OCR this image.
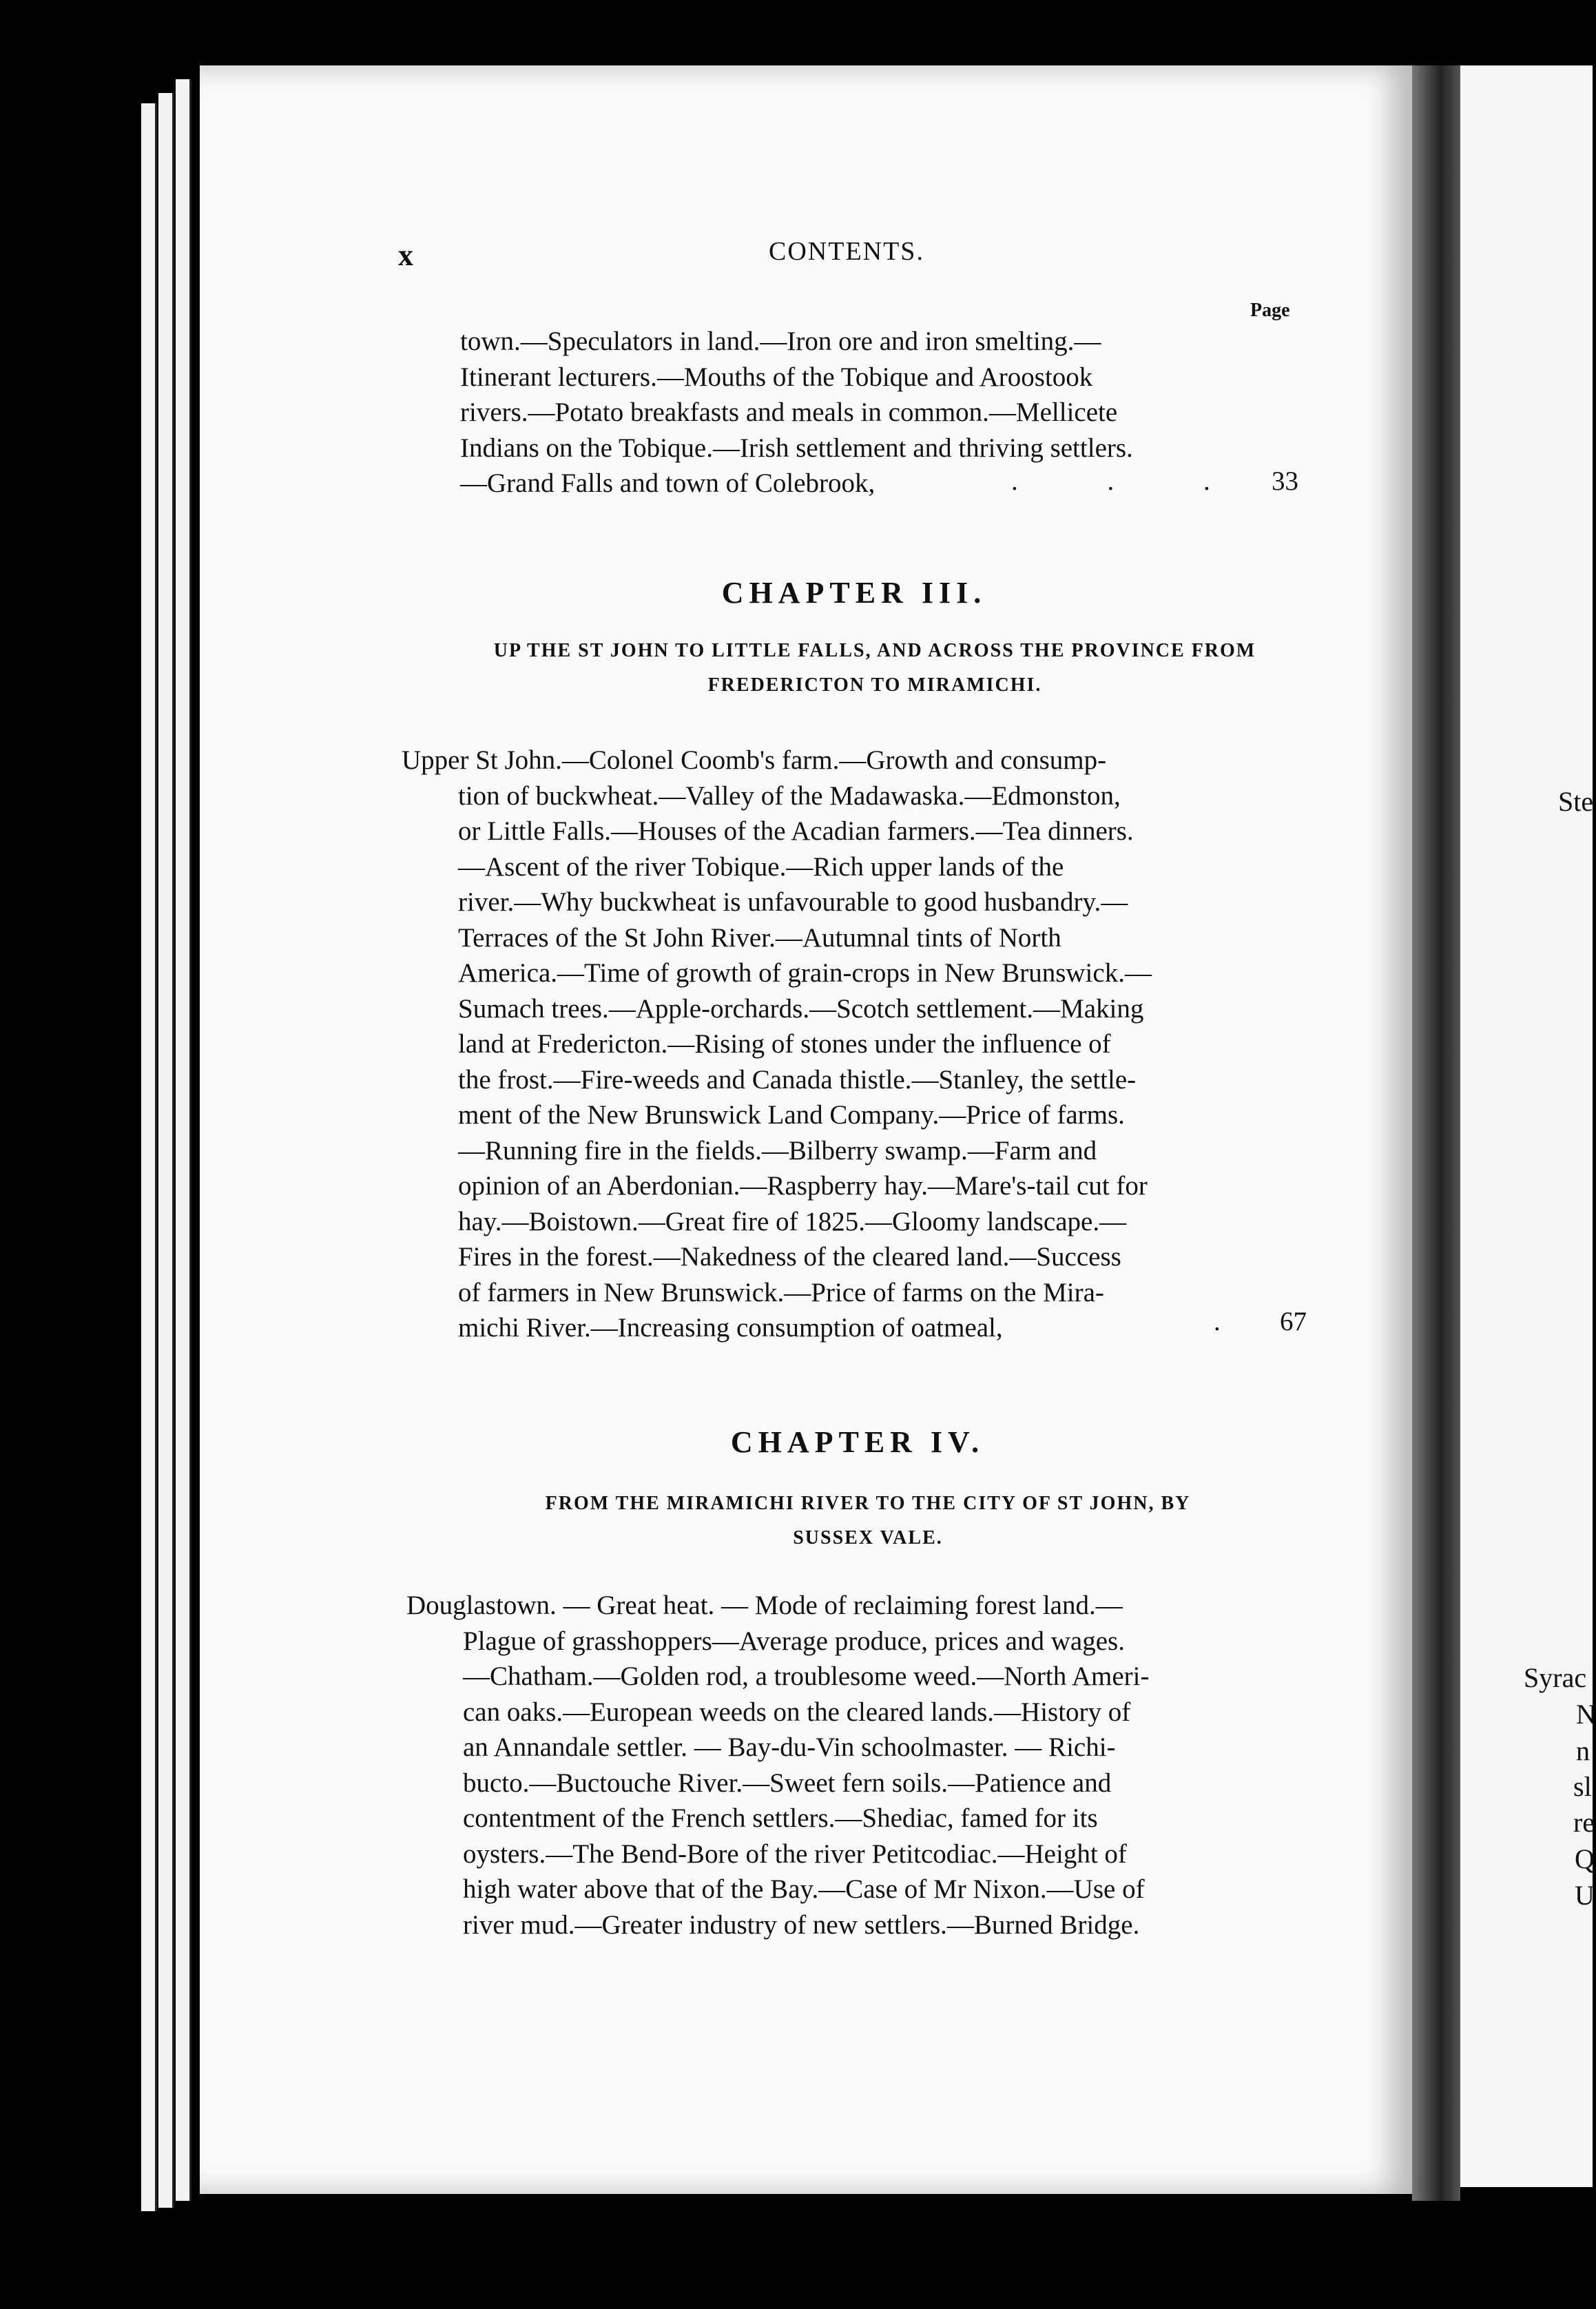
x	CONTENTS.
Page
town.—Speculators in land.—Iron ore and iron smelting.—
Itinerant lecturers.—Mouths of the Tobique and Aroostook
rivers.—Potato breakfasts and meals in common.—Mellicete
Indians on the Tobique.—Irish settlement and thriving settlers.
—Grand Falls and town of Colebrook,	. . . 33
CHAPTER III.
UP THE ST JOHN TO LITTLE FALLS, AND ACROSS THE PROVINCE FROM
FREDERICTON TO MIRAMICHI.
Upper St John.—Colonel Coomb's farm.—Growth and consump-
tion of buckwheat.—Valley of the Madawaska.—Edmonston,
or Little Falls.—Houses of the Acadian farmers.—Tea dinners.
—Ascent of the river Tobique.—Rich upper lands of the
river.—Why buckwheat is unfavourable to good husbandry.—
Terraces of the St John River.—Autumnal tints of North
America.—Time of growth of grain-crops in New Brunswick.—
Sumach trees.—Apple-orchards.—Scotch settlement.—Making
land at Fredericton.—Rising of stones under the influence of
the frost.—Fire-weeds and Canada thistle.—Stanley, the settle-
ment of the New Brunswick Land Company.—Price of farms.
—Running fire in the fields.—Bilberry swamp.—Farm and
opinion of an Aberdonian.—Raspberry hay.—Mare's-tail cut for
hay.—Boistown.—Great fire of 1825.—Gloomy landscape.—
Fires in the forest.—Nakedness of the cleared land.—Success
of farmers in New Brunswick.—Price of farms on the Mira-
michi River.—Increasing consumption of oatmeal,	. 67
CHAPTER IV.
FROM THE MIRAMICHI RIVER TO THE CITY OF ST JOHN, BY
SUSSEX VALE.
Douglastown. — Great heat. — Mode of reclaiming forest land.—
Plague of grasshoppers—Average produce, prices and wages.
—Chatham.—Golden rod, a troublesome weed.—North Ameri-
can oaks.—European weeds on the cleared lands.—History of
an Annandale settler. — Bay-du-Vin schoolmaster. — Richi-
bucto.—Buctouche River.—Sweet fern soils.—Patience and
contentment of the French settlers.—Shediac, famed for its
oysters.—The Bend-Bore of the river Petitcodiac.—Height of
high water above that of the Bay.—Case of Mr Nixon.—Use of
river mud.—Greater industry of new settlers.—Burned Bridge.
Ste
Syrac
N
n
sl
re
Q
U
